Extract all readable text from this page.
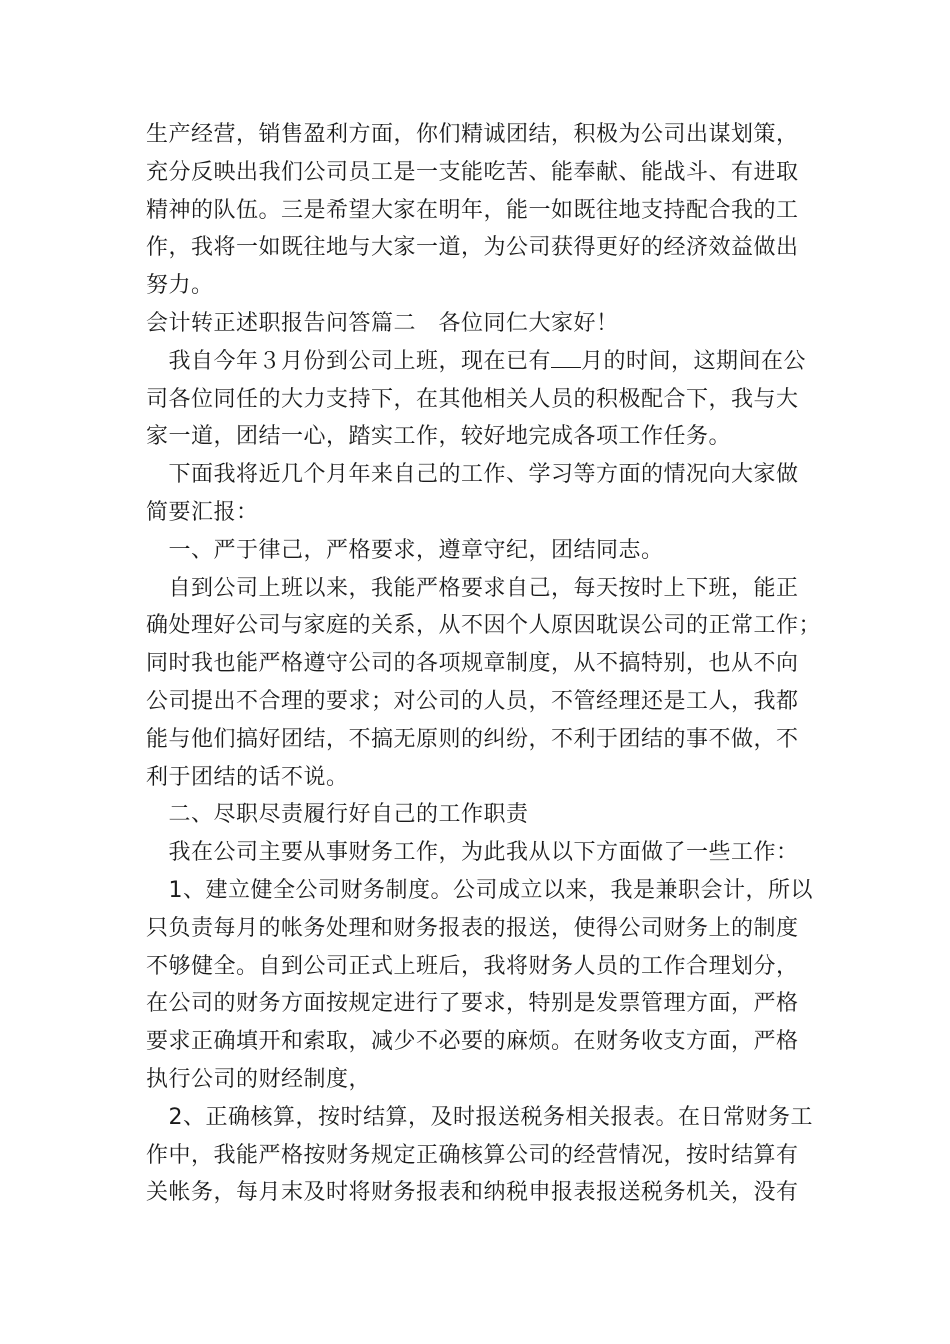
生产经营，销售盈利方面，你们精诚团结，积极为公司出谋划策，
充分反映出我们公司员工是一支能吃苦、能奉献、能战斗、有进取
精神的队伍。三是希望大家在明年，能一如既往地支持配合我的工
作，我将一如既往地与大家一道，为公司获得更好的经济效益做出
努力。
会计转正述职报告问答篇二　各位同仁大家好！
　我自今年３月份到公司上班，现在已有 月的时间，这期间在公
司各位同任的大力支持下，在其他相关人员的积极配合下，我与大
家一道，团结一心，踏实工作，较好地完成各项工作任务。
　下面我将近几个月年来自己的工作、学习等方面的情况向大家做
简要汇报：
　一、严于律己，严格要求，遵章守纪，团结同志。
　自到公司上班以来，我能严格要求自己，每天按时上下班，能正
确处理好公司与家庭的关系，从不因个人原因耽误公司的正常工作；
同时我也能严格遵守公司的各项规章制度，从不搞特别，也从不向
公司提出不合理的要求；对公司的人员，不管经理还是工人，我都
能与他们搞好团结，不搞无原则的纠纷，不利于团结的事不做，不
利于团结的话不说。
　二、尽职尽责履行好自己的工作职责
　我在公司主要从事财务工作，为此我从以下方面做了一些工作：
　1、建立健全公司财务制度。公司成立以来，我是兼职会计，所以
只负责每月的帐务处理和财务报表的报送，使得公司财务上的制度
不够健全。自到公司正式上班后，我将财务人员的工作合理划分，
在公司的财务方面按规定进行了要求，特别是发票管理方面，严格
要求正确填开和索取，减少不必要的麻烦。在财务收支方面，严格
执行公司的财经制度，
　2、正确核算，按时结算，及时报送税务相关报表。在日常财务工
作中，我能严格按财务规定正确核算公司的经营情况，按时结算有
关帐务，每月末及时将财务报表和纳税申报表报送税务机关，没有
